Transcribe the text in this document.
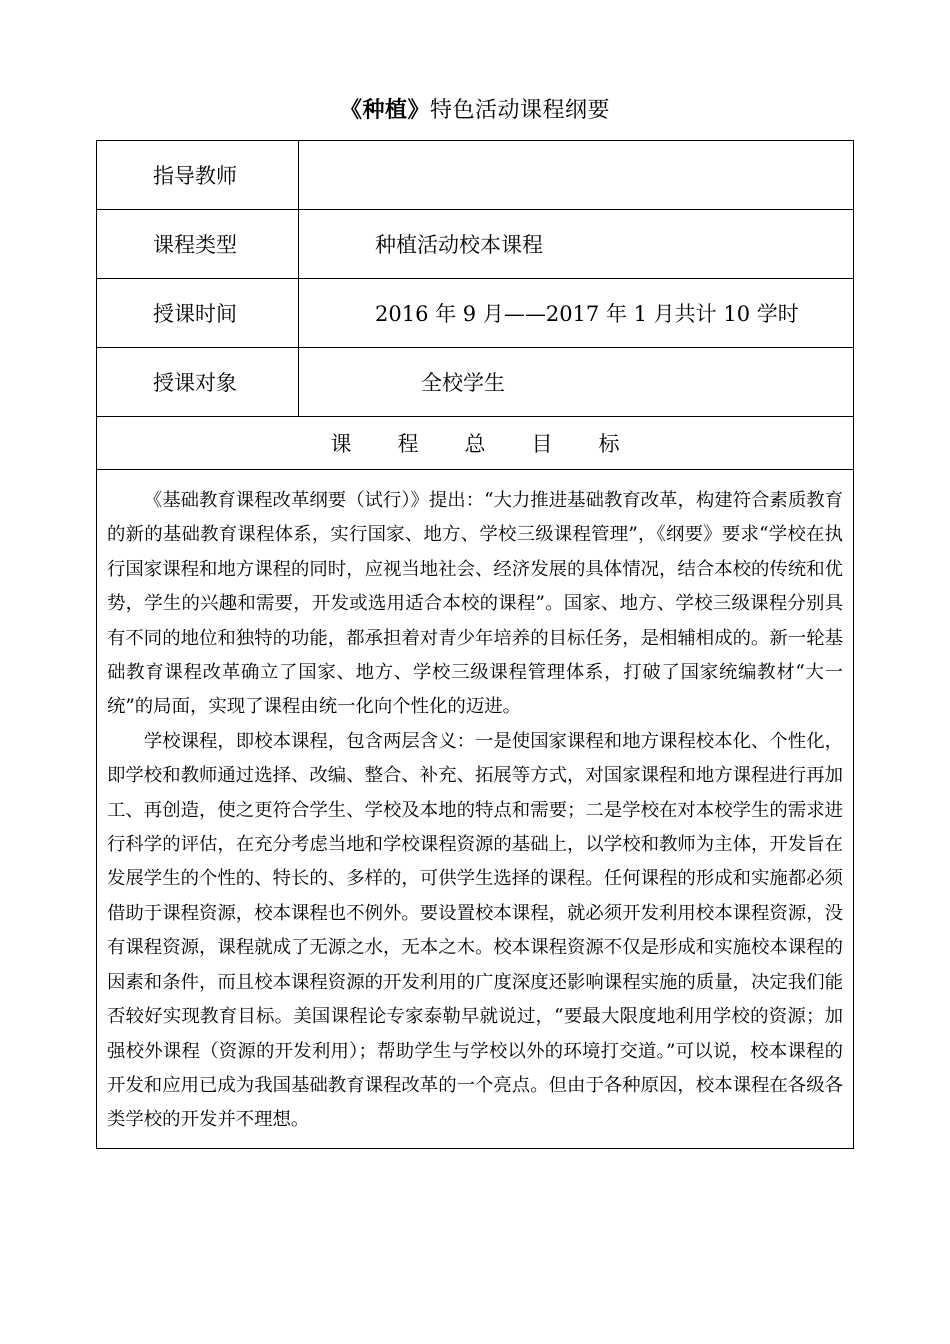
《种植》特色活动课程纲要
指导教师	
课程类型	种植活动校本课程
授课时间	2016 年 9 月——2017 年 1 月共计 10 学时
授课对象	全校学生
课程总目标	

《基础教育课程改革纲要（试行）》提出：“大力推进基础教育改革，构建符合素质教育的新的基础教育课程体系，实行国家、地方、学校三级课程管理”，《纲要》要求“学校在执行国家课程和地方课程的同时，应视当地社会、经济发展的具体情况，结合本校的传统和优势，学生的兴趣和需要，开发或选用适合本校的课程”。国家、地方、学校三级课程分别具有不同的地位和独特的功能，都承担着对青少年培养的目标任务，是相辅相成的。新一轮基础教育课程改革确立了国家、地方、学校三级课程管理体系，打破了国家统编教材“大一统”的局面，实现了课程由统一化向个性化的迈进。

学校课程，即校本课程，包含两层含义：一是使国家课程和地方课程校本化、个性化，即学校和教师通过选择、改编、整合、补充、拓展等方式，对国家课程和地方课程进行再加工、再创造，使之更符合学生、学校及本地的特点和需要；二是学校在对本校学生的需求进行科学的评估，在充分考虑当地和学校课程资源的基础上，以学校和教师为主体，开发旨在发展学生的个性的、特长的、多样的，可供学生选择的课程。任何课程的形成和实施都必须借助于课程资源，校本课程也不例外。要设置校本课程，就必须开发利用校本课程资源，没有课程资源，课程就成了无源之水，无本之木。校本课程资源不仅是形成和实施校本课程的因素和条件，而且校本课程资源的开发利用的广度深度还影响课程实施的质量，决定我们能否较好实现教育目标。美国课程论专家泰勒早就说过，“要最大限度地利用学校的资源；加强校外课程（资源的开发利用）；帮助学生与学校以外的环境打交道。”可以说，校本课程的开发和应用已成为我国基础教育课程改革的一个亮点。但由于各种原因，校本课程在各级各类学校的开发并不理想。	
